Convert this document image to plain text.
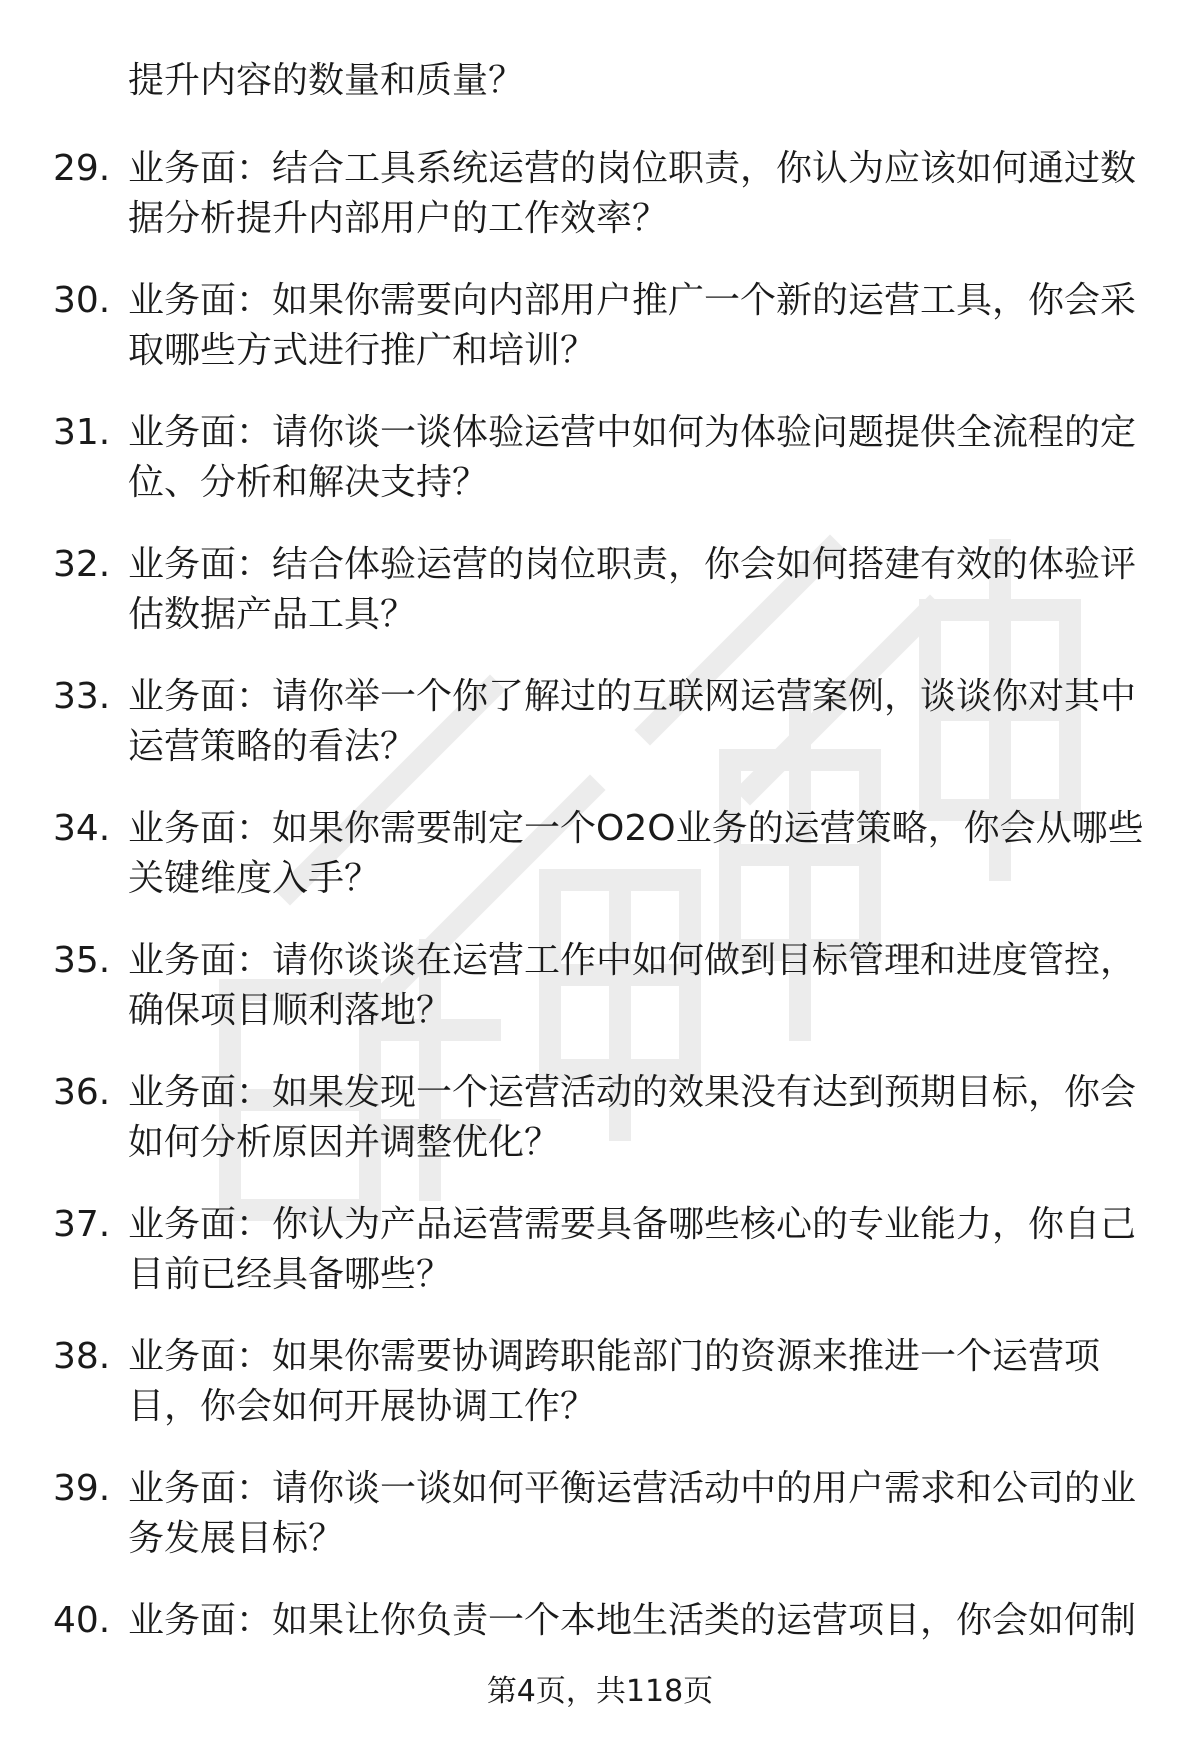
提升内容的数量和质量？

29. 业务面：结合工具系统运营的岗位职责，你认为应该如何通过数
据分析提升内部用户的工作效率？
30. 业务面：如果你需要向内部用户推广一个新的运营工具，你会采
取哪些方式进行推广和培训？
31. 业务面：请你谈一谈体验运营中如何为体验问题提供全流程的定
位、分析和解决支持？
32. 业务面：结合体验运营的岗位职责，你会如何搭建有效的体验评
估数据产品工具？
33. 业务面：请你举一个你了解过的互联网运营案例，谈谈你对其中
运营策略的看法？
34. 业务面：如果你需要制定一个O2O业务的运营策略，你会从哪些
关键维度入手？
35. 业务面：请你谈谈在运营工作中如何做到目标管理和进度管控，
确保项目顺利落地？
36. 业务面：如果发现一个运营活动的效果没有达到预期目标，你会
如何分析原因并调整优化？
37. 业务面：你认为产品运营需要具备哪些核心的专业能力，你自己
目前已经具备哪些？
38. 业务面：如果你需要协调跨职能部门的资源来推进一个运营项
目，你会如何开展协调工作？
39. 业务面：请你谈一谈如何平衡运营活动中的用户需求和公司的业
务发展目标？
40. 业务面：如果让你负责一个本地生活类的运营项目，你会如何制

第4页，共118页
